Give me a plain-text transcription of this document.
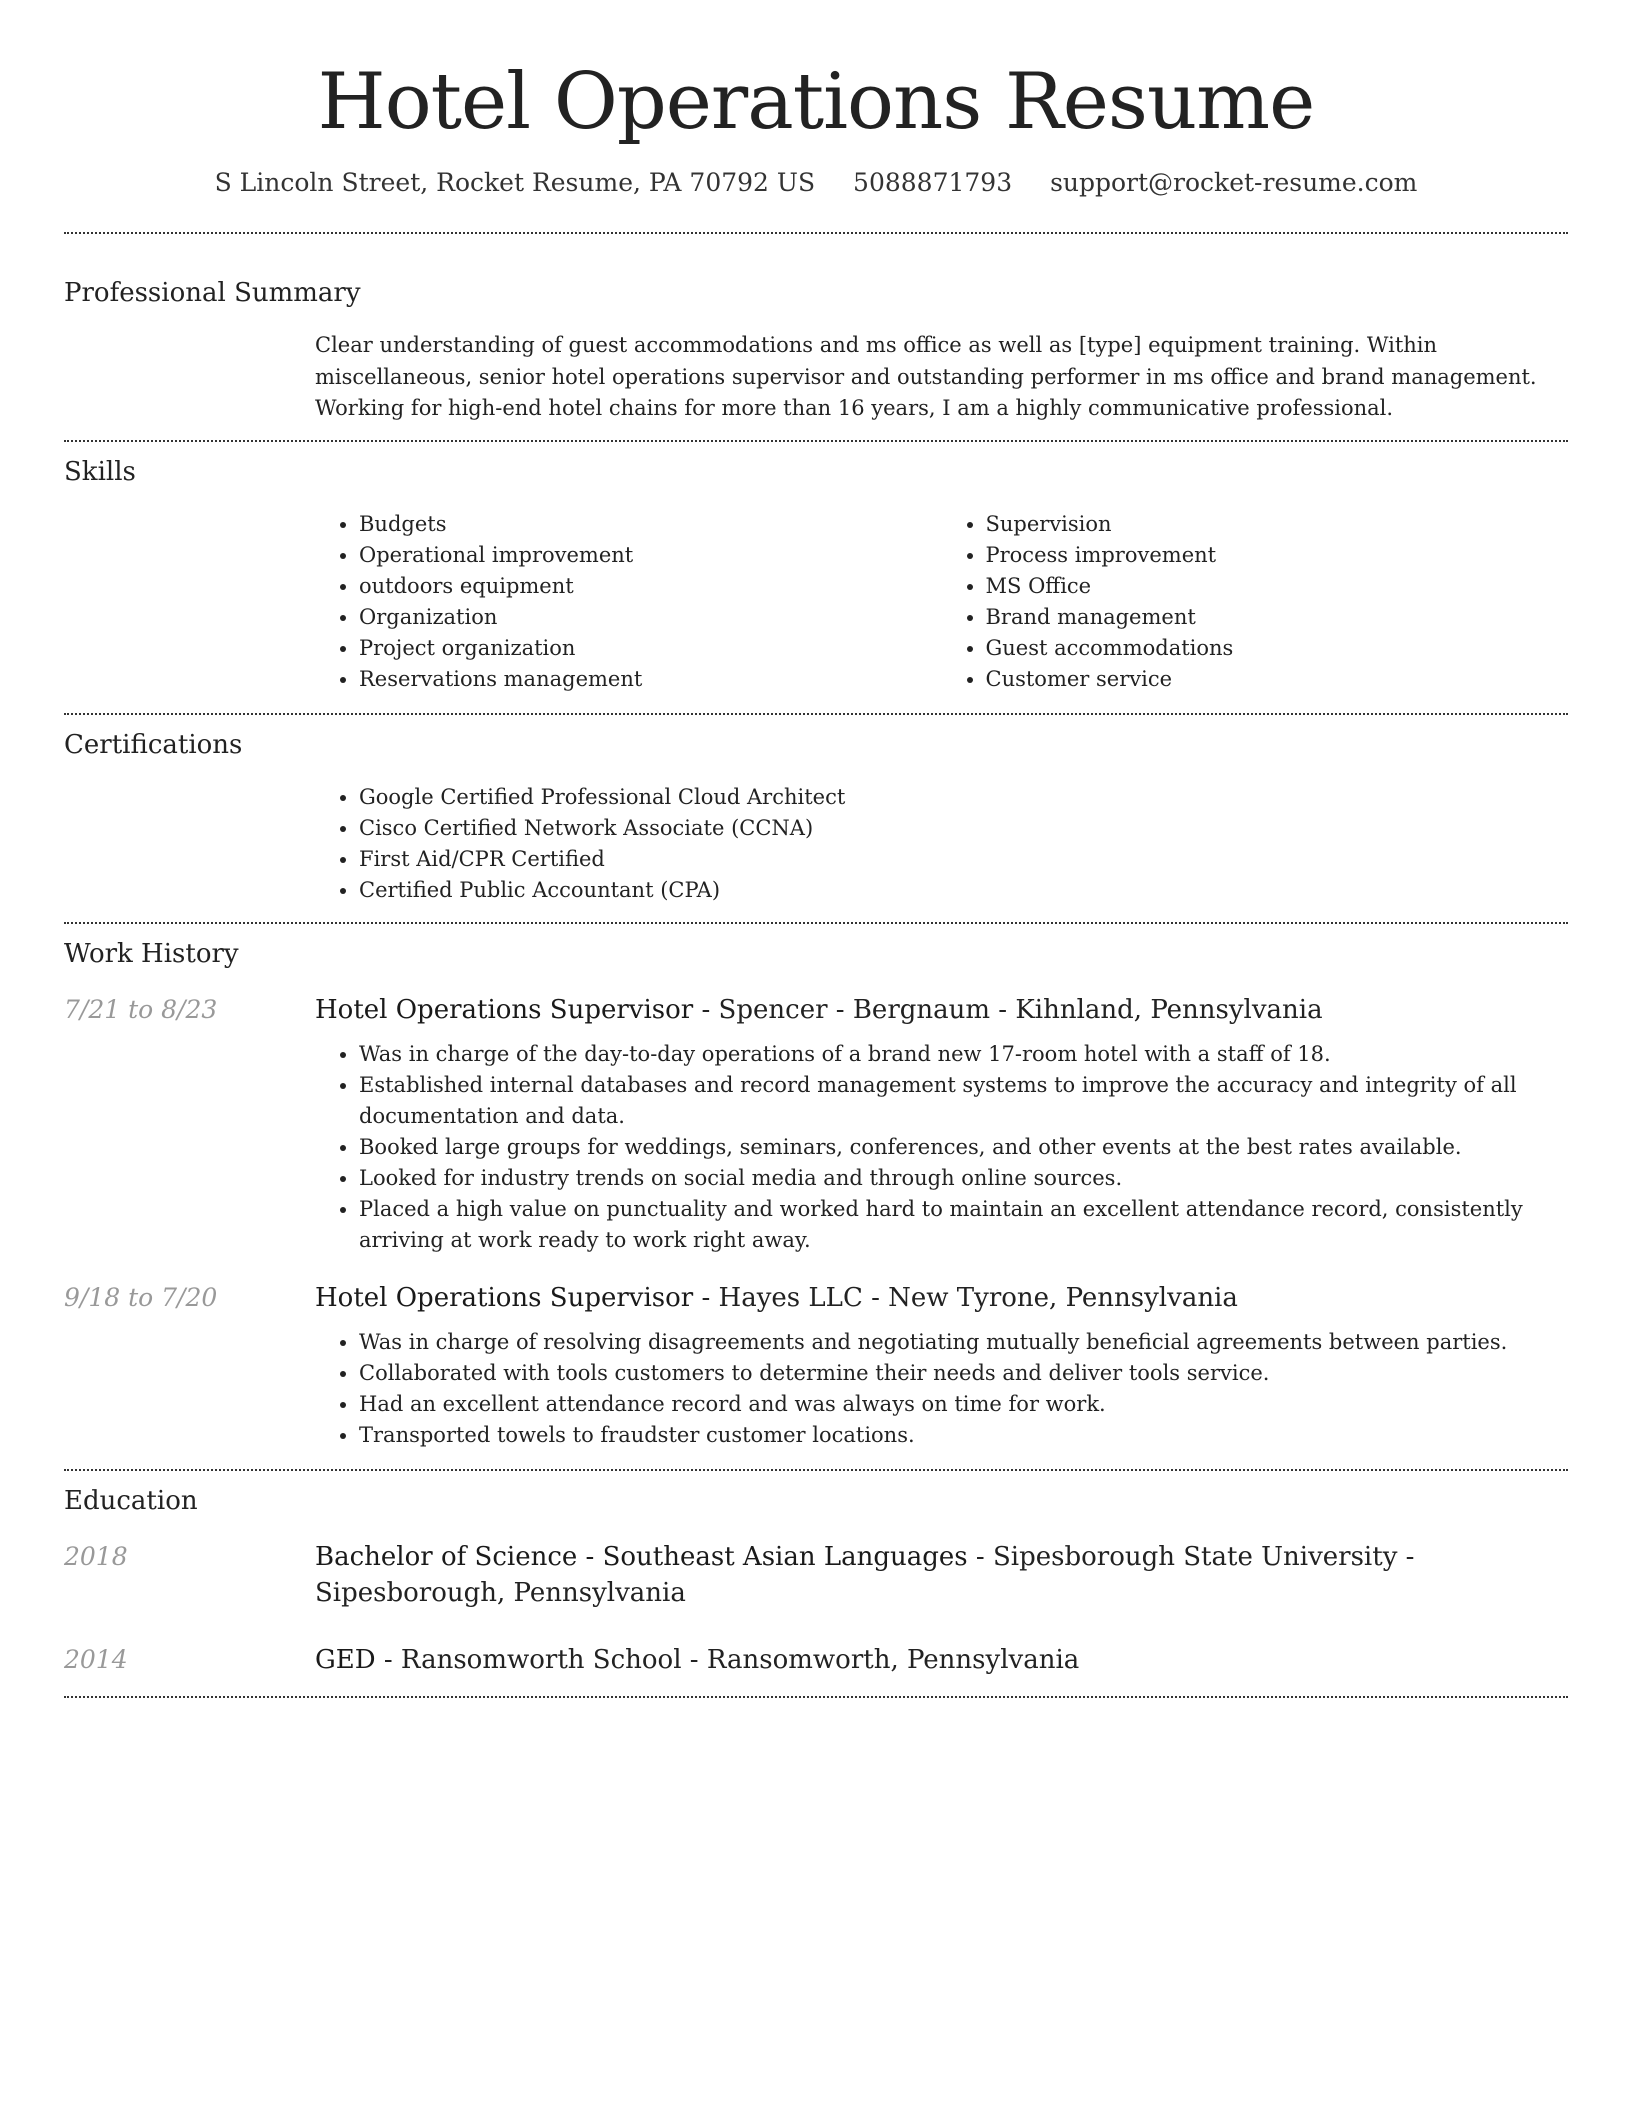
Hotel Operations Resume
S Lincoln Street, Rocket Resume, PA 70792 US 5088871793 support@rocket-resume.com
Professional Summary

Clear understanding of guest accommodations and ms office as well as [type] equipment training. Within miscellaneous, senior hotel operations supervisor and outstanding performer in ms office and brand management. Working for high-end hotel chains for more than 16 years, I am a highly communicative professional.

Skills
• Budgets
• Operational improvement
• outdoors equipment
• Organization
• Project organization
• Reservations management
• Supervision
• Process improvement
• MS Office
• Brand management
• Guest accommodations
• Customer service
Certifications
• Google Certified Professional Cloud Architect
• Cisco Certified Network Associate (CCNA)
• First Aid/CPR Certified
• Certified Public Accountant (CPA)
Work History
7/21 to 8/23	Hotel Operations Supervisor - Spencer - Bergnaum - Kihnland, Pennsylvania
• Was in charge of the day-to-day operations of a brand new 17-room hotel with a staff of 18.
• Established internal databases and record management systems to improve the accuracy and integrity of all documentation and data.
• Booked large groups for weddings, seminars, conferences, and other events at the best rates available.
• Looked for industry trends on social media and through online sources.
• Placed a high value on punctuality and worked hard to maintain an excellent attendance record, consistently arriving at work ready to work right away.
9/18 to 7/20	Hotel Operations Supervisor - Hayes LLC - New Tyrone, Pennsylvania
• Was in charge of resolving disagreements and negotiating mutually beneficial agreements between parties.
• Collaborated with tools customers to determine their needs and deliver tools service.
• Had an excellent attendance record and was always on time for work.
• Transported towels to fraudster customer locations.
Education
2018	Bachelor of Science - Southeast Asian Languages - Sipesborough State University - Sipesborough, Pennsylvania
2014	GED - Ransomworth School - Ransomworth, Pennsylvania
